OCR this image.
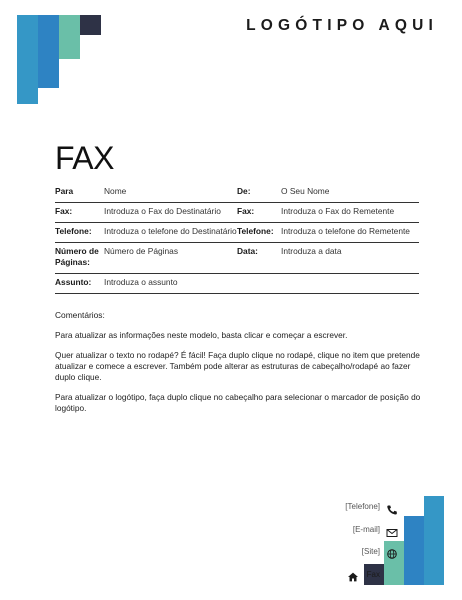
LOGÓTIPO AQUI
FAX
Para	Nome	De:	O Seu Nome
Fax:	Introduza o Fax do Destinatário	Fax:	Introduza o Fax do Remetente
Telefone:	Introduza o telefone do Destinatário	Telefone:	Introduza o telefone do Remetente
Número de Páginas:	Número de Páginas	Data:	Introduza a data
Assunto:	Introduza o assunto		
Comentários:
Para atualizar as informações neste modelo, basta clicar e começar a escrever.
Quer atualizar o texto no rodapé? É fácil! Faça duplo clique no rodapé, clique no item que pretende atualizar e comece a escrever. Também pode alterar as estruturas de cabeçalho/rodapé ao fazer duplo clique.
Para atualizar o logótipo, faça duplo clique no cabeçalho para selecionar o marcador de posição do logótipo.
[Telefone]
[E-mail]
[Site]
Fax
